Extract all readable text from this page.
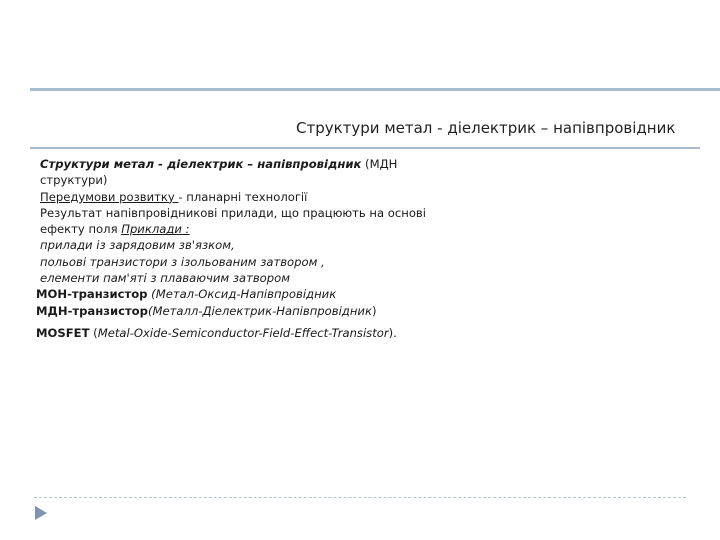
Структури метал - діелектрик – напівпровідник
Структури метал - діелектрик – напівпровідник (МДН
структури)
Передумови розвитку - планарні технології
Результат напівпровідникові прилади, що працюють на основі
ефекту поля Приклади :
прилади із зарядовим зв'язком,
польові транзистори з ізольованим затвором ,
елементи пам'яті з плаваючим затвором
МОН-транзистор (Метал-Оксид-Напівпровідник
МДН-транзистор(Металл-Діелектрик-Напівпровідник)
MOSFET (Metal-Oxide-Semiconductor-Field-Effect-Transistor).
